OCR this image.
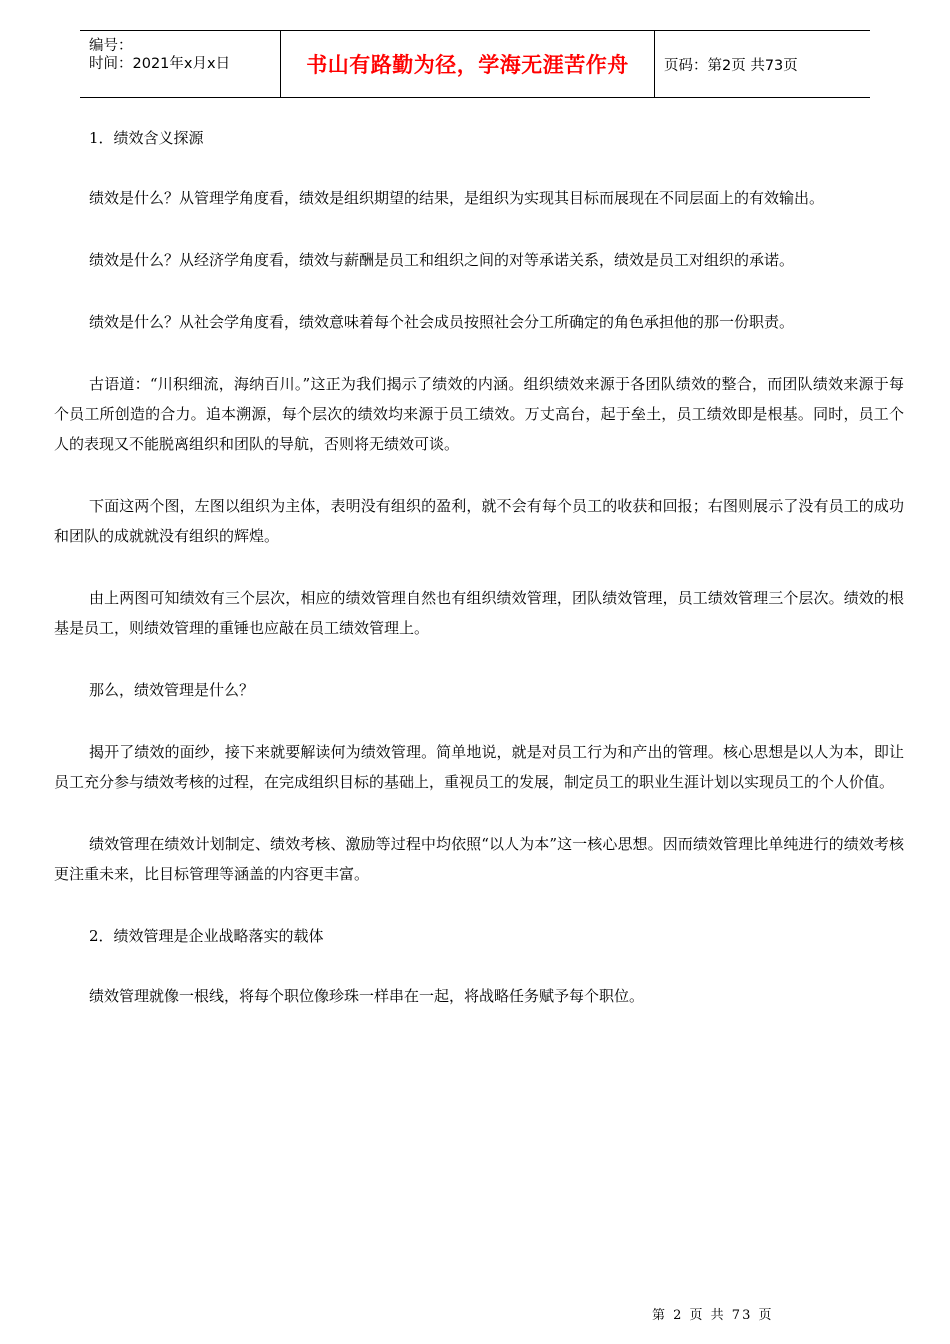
编号：
时间：2021年x月x日	书山有路勤为径，学海无涯苦作舟	页码：第2页 共73页

1．绩效含义探源

绩效是什么？从管理学角度看，绩效是组织期望的结果，是组织为实现其目标而展现在不同层面上的有效输出。

绩效是什么？从经济学角度看，绩效与薪酬是员工和组织之间的对等承诺关系，绩效是员工对组织的承诺。

绩效是什么？从社会学角度看，绩效意味着每个社会成员按照社会分工所确定的角色承担他的那一份职责。

古语道：“川积细流，海纳百川。”这正为我们揭示了绩效的内涵。组织绩效来源于各团队绩效的整合，而团队绩效来源于每个员工所创造的合力。追本溯源，每个层次的绩效均来源于员工绩效。万丈高台，起于垒土，员工绩效即是根基。同时，员工个人的表现又不能脱离组织和团队的导航，否则将无绩效可谈。

下面这两个图，左图以组织为主体，表明没有组织的盈利，就不会有每个员工的收获和回报；右图则展示了没有员工的成功和团队的成就就没有组织的辉煌。

由上两图可知绩效有三个层次，相应的绩效管理自然也有组织绩效管理，团队绩效管理，员工绩效管理三个层次。绩效的根基是员工，则绩效管理的重锤也应敲在员工绩效管理上。

那么，绩效管理是什么？

揭开了绩效的面纱，接下来就要解读何为绩效管理。简单地说，就是对员工行为和产出的管理。核心思想是以人为本，即让员工充分参与绩效考核的过程，在完成组织目标的基础上，重视员工的发展，制定员工的职业生涯计划以实现员工的个人价值。

绩效管理在绩效计划制定、绩效考核、激励等过程中均依照“以人为本”这一核心思想。因而绩效管理比单纯进行的绩效考核更注重未来，比目标管理等涵盖的内容更丰富。

2．绩效管理是企业战略落实的载体

绩效管理就像一根线，将每个职位像珍珠一样串在一起，将战略任务赋予每个职位。

第 2 页 共 73 页
